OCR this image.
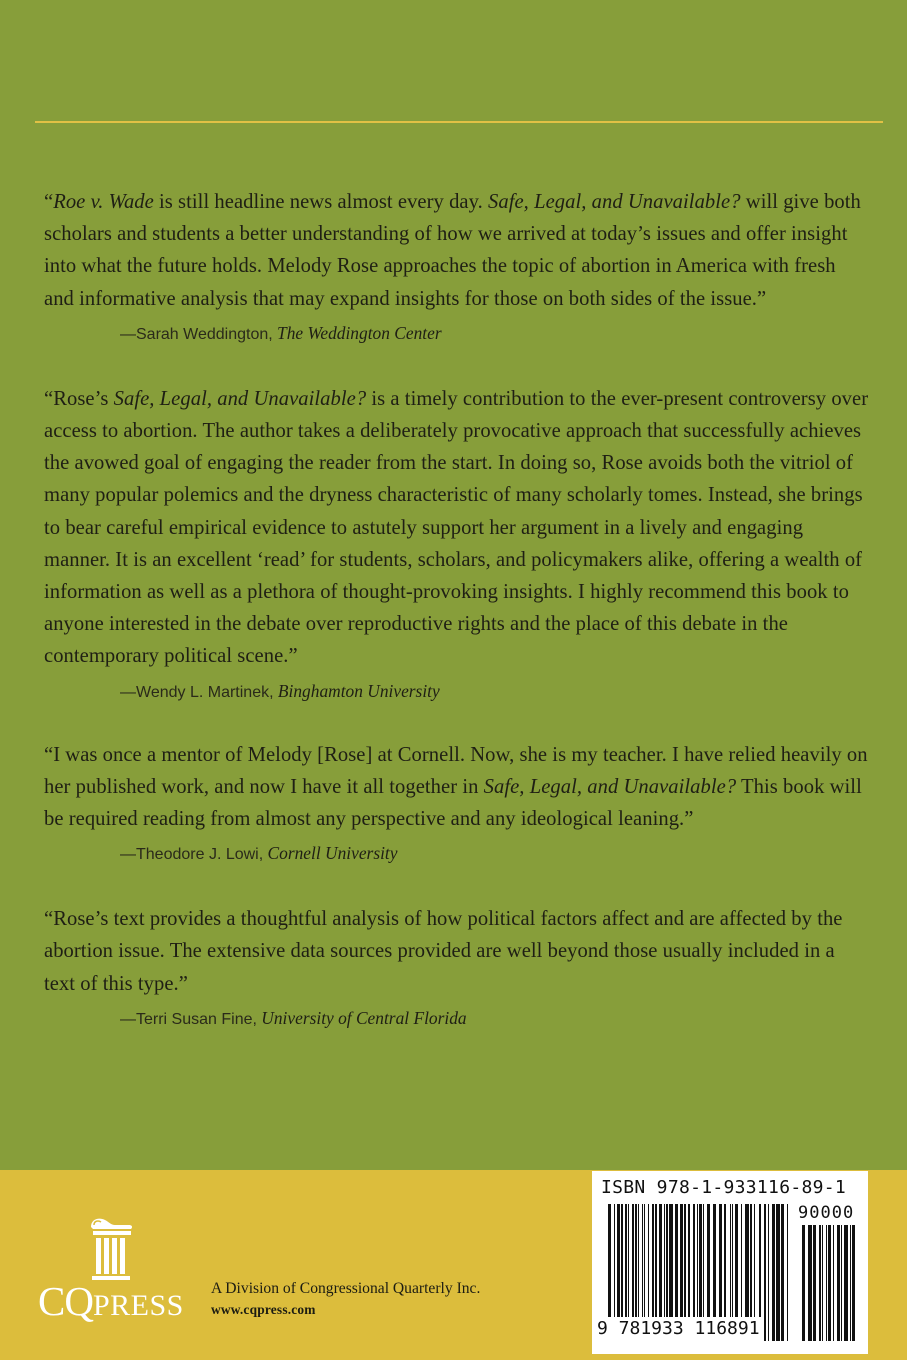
“Roe v. Wade is still headline news almost every day. Safe, Legal, and Unavailable? will give both scholars and students a better understanding of how we arrived at today’s issues and offer insight into what the future holds. Melody Rose approaches the topic of abortion in America with fresh and informative analysis that may expand insights for those on both sides of the issue.”

—Sarah Weddington, The Weddington Center

“Rose’s Safe, Legal, and Unavailable? is a timely contribution to the ever-present controversy over access to abortion. The author takes a deliberately provocative approach that successfully achieves the avowed goal of engaging the reader from the start. In doing so, Rose avoids both the vitriol of many popular polemics and the dryness characteristic of many scholarly tomes. Instead, she brings to bear careful empirical evidence to astutely support her argument in a lively and engaging manner. It is an excellent ‘read’ for students, scholars, and policymakers alike, offering a wealth of information as well as a plethora of thought-provoking insights. I highly recommend this book to anyone interested in the debate over reproductive rights and the place of this debate in the contemporary political scene.”

—Wendy L. Martinek, Binghamton University

“I was once a mentor of Melody [Rose] at Cornell. Now, she is my teacher. I have relied heavily on her published work, and now I have it all together in Safe, Legal, and Unavailable? This book will be required reading from almost any perspective and any ideological leaning.”

—Theodore J. Lowi, Cornell University

“Rose’s text provides a thoughtful analysis of how political factors affect and are affected by the abortion issue. The extensive data sources provided are well beyond those usually included in a text of this type.”

—Terri Susan Fine, University of Central Florida
CQPRESS
A Division of Congressional Quarterly Inc.
www.cqpress.com
ISBN 978-1-933116-89-1
90000
9 781933 116891
